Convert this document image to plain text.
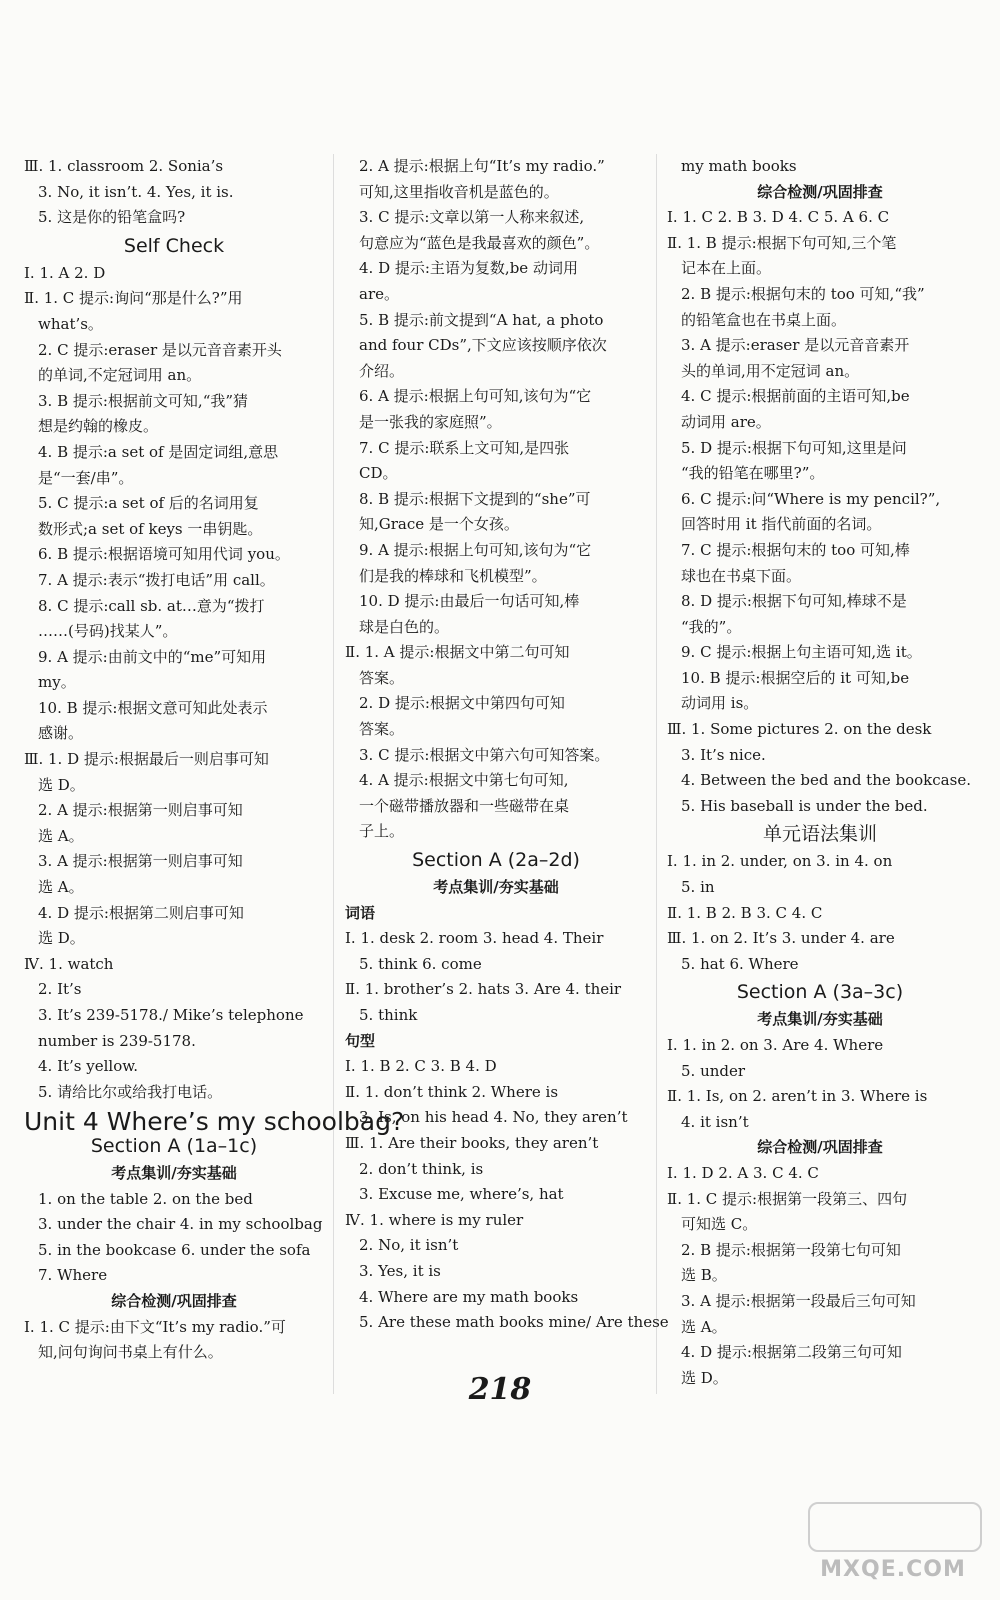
Ⅲ. 1. classroom 2. Sonia’s
3. No, it isn’t. 4. Yes, it is.
5. 这是你的铅笔盒吗?
Self Check
Ⅰ. 1. A 2. D
Ⅱ. 1. C 提示:询问“那是什么?”用
what’s。
2. C 提示:eraser 是以元音音素开头
的单词,不定冠词用 an。
3. B 提示:根据前文可知,“我”猜
想是约翰的橡皮。
4. B 提示:a set of 是固定词组,意思
是“一套/串”。
5. C 提示:a set of 后的名词用复
数形式;a set of keys 一串钥匙。
6. B 提示:根据语境可知用代词 you。
7. A 提示:表示“拨打电话”用 call。
8. C 提示:call sb. at…意为“拨打
……(号码)找某人”。
9. A 提示:由前文中的“me”可知用
my。
10. B 提示:根据文意可知此处表示
感谢。
Ⅲ. 1. D 提示:根据最后一则启事可知
选 D。
2. A 提示:根据第一则启事可知
选 A。
3. A 提示:根据第一则启事可知
选 A。
4. D 提示:根据第二则启事可知
选 D。
Ⅳ. 1. watch
2. It’s
3. It’s 239-5178./ Mike’s telephone
number is 239-5178.
4. It’s yellow.
5. 请给比尔或给我打电话。
Unit 4 Where’s my schoolbag?
Section A (1a–1c)
考点集训/夯实基础
1. on the table 2. on the bed
3. under the chair 4. in my schoolbag
5. in the bookcase 6. under the sofa
7. Where
综合检测/巩固排查
Ⅰ. 1. C 提示:由下文“It’s my radio.”可
知,问句询问书桌上有什么。
2. A 提示:根据上句“It’s my radio.”
可知,这里指收音机是蓝色的。
3. C 提示:文章以第一人称来叙述,
句意应为“蓝色是我最喜欢的颜色”。
4. D 提示:主语为复数,be 动词用
are。
5. B 提示:前文提到“A hat, a photo
and four CDs”,下文应该按顺序依次
介绍。
6. A 提示:根据上句可知,该句为“它
是一张我的家庭照”。
7. C 提示:联系上文可知,是四张
CD。
8. B 提示:根据下文提到的“she”可
知,Grace 是一个女孩。
9. A 提示:根据上句可知,该句为“它
们是我的棒球和飞机模型”。
10. D 提示:由最后一句话可知,棒
球是白色的。
Ⅱ. 1. A 提示:根据文中第二句可知
答案。
2. D 提示:根据文中第四句可知
答案。
3. C 提示:根据文中第六句可知答案。
4. A 提示:根据文中第七句可知,
一个磁带播放器和一些磁带在桌
子上。
Section A (2a–2d)
考点集训/夯实基础
词语
Ⅰ. 1. desk 2. room 3. head 4. Their
5. think 6. come
Ⅱ. 1. brother’s 2. hats 3. Are 4. their
5. think
句型
Ⅰ. 1. B 2. C 3. B 4. D
Ⅱ. 1. don’t think 2. Where is
3. Is, on his head 4. No, they aren’t
Ⅲ. 1. Are their books, they aren’t
2. don’t think, is
3. Excuse me, where’s, hat
Ⅳ. 1. where is my ruler
2. No, it isn’t
3. Yes, it is
4. Where are my math books
5. Are these math books mine/ Are these
my math books
综合检测/巩固排查
Ⅰ. 1. C 2. B 3. D 4. C 5. A 6. C
Ⅱ. 1. B 提示:根据下句可知,三个笔
记本在上面。
2. B 提示:根据句末的 too 可知,“我”
的铅笔盒也在书桌上面。
3. A 提示:eraser 是以元音音素开
头的单词,用不定冠词 an。
4. C 提示:根据前面的主语可知,be
动词用 are。
5. D 提示:根据下句可知,这里是问
“我的铅笔在哪里?”。
6. C 提示:问“Where is my pencil?”,
回答时用 it 指代前面的名词。
7. C 提示:根据句末的 too 可知,棒
球也在书桌下面。
8. D 提示:根据下句可知,棒球不是
“我的”。
9. C 提示:根据上句主语可知,选 it。
10. B 提示:根据空后的 it 可知,be
动词用 is。
Ⅲ. 1. Some pictures 2. on the desk
3. It’s nice.
4. Between the bed and the bookcase.
5. His baseball is under the bed.
单元语法集训
Ⅰ. 1. in 2. under, on 3. in 4. on
5. in
Ⅱ. 1. B 2. B 3. C 4. C
Ⅲ. 1. on 2. It’s 3. under 4. are
5. hat 6. Where
Section A (3a–3c)
考点集训/夯实基础
Ⅰ. 1. in 2. on 3. Are 4. Where
5. under
Ⅱ. 1. Is, on 2. aren’t in 3. Where is
4. it isn’t
综合检测/巩固排查
Ⅰ. 1. D 2. A 3. C 4. C
Ⅱ. 1. C 提示:根据第一段第三、四句
可知选 C。
2. B 提示:根据第一段第七句可知
选 B。
3. A 提示:根据第一段最后三句可知
选 A。
4. D 提示:根据第二段第三句可知
选 D。
218
MXQE.COM
